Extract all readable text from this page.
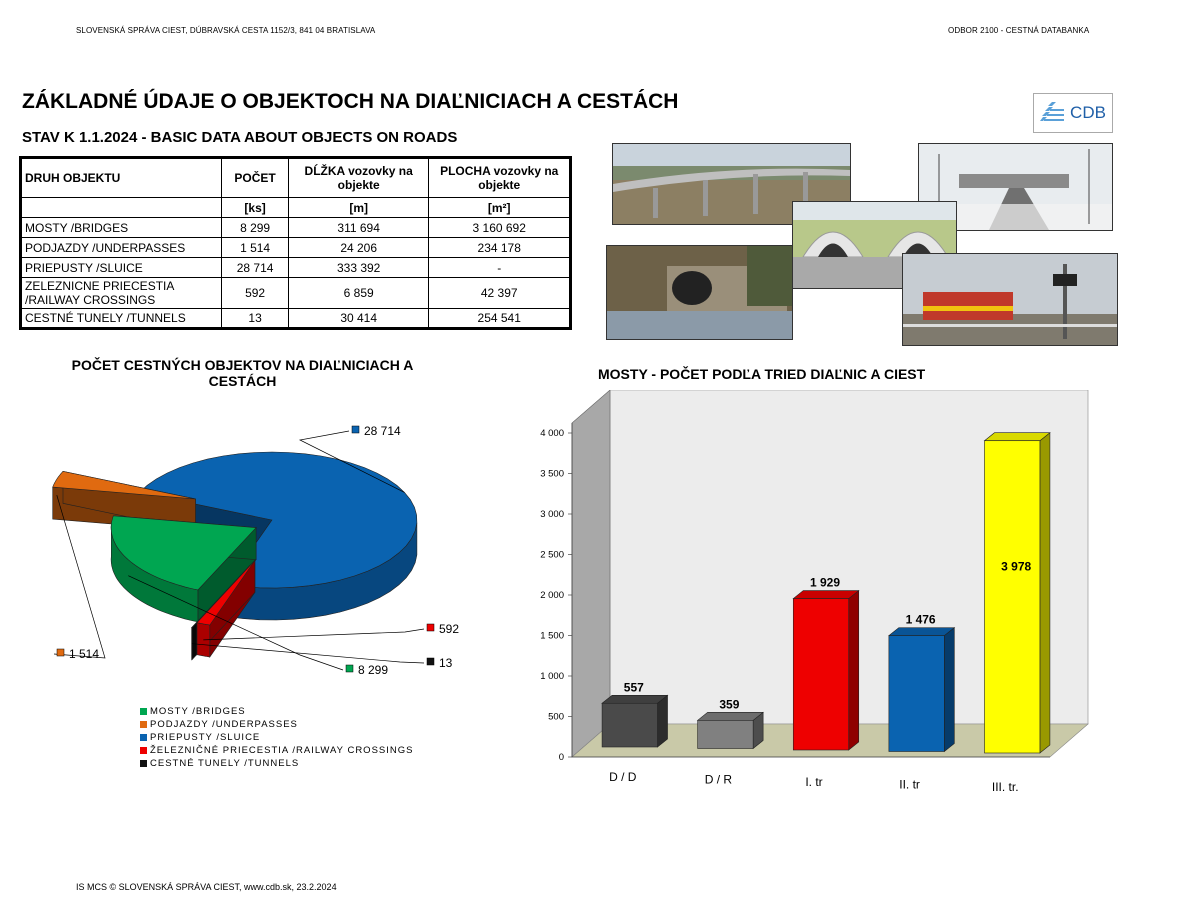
SLOVENSKÁ SPRÁVA CIEST, DÚBRAVSKÁ CESTA 1152/3, 841 04 BRATISLAVA	ODBOR 2100 - CESTNÁ DATABANKA
ZÁKLADNÉ ÚDAJE O OBJEKTOCH NA DIAĽNICIACH A CESTÁCH
STAV K 1.1.2024 - BASIC DATA ABOUT OBJECTS ON ROADS
CDB
DRUH OBJEKTU	POČET	DĹŽKA vozovky na objekte	PLOCHA vozovky na objekte
	[ks]	[m]	[m²]
MOSTY /BRIDGES	8 299	311 694	3 160 692
PODJAZDY /UNDERPASSES	1 514	24 206	234 178
PRIEPUSTY /SLUICE	28 714	333 392	-
ZELEZNICNE PRIECESTIA /RAILWAY CROSSINGS	592	6 859	42 397
CESTNÉ TUNELY /TUNNELS	13	30 414	254 541
POČET CESTNÝCH OBJEKTOV NA DIAĽNICIACH A CESTÁCH
28 714
592
13
8 299
1 514
MOSTY /BRIDGES
PODJAZDY /UNDERPASSES
PRIEPUSTY /SLUICE
ŽELEZNIČNÉ PRIECESTIA /RAILWAY CROSSINGS
CESTNÉ TUNELY /TUNNELS
MOSTY - POČET PODĽA TRIED DIAĽNIC A CIEST
0
500
1 000
1 500
2 000
2 500
3 000
3 500
4 000
557
D / D
359
D / R
1 929
I. tr
1 476
II. tr
3 978
III. tr.
IS MCS © SLOVENSKÁ SPRÁVA CIEST, www.cdb.sk, 23.2.2024
